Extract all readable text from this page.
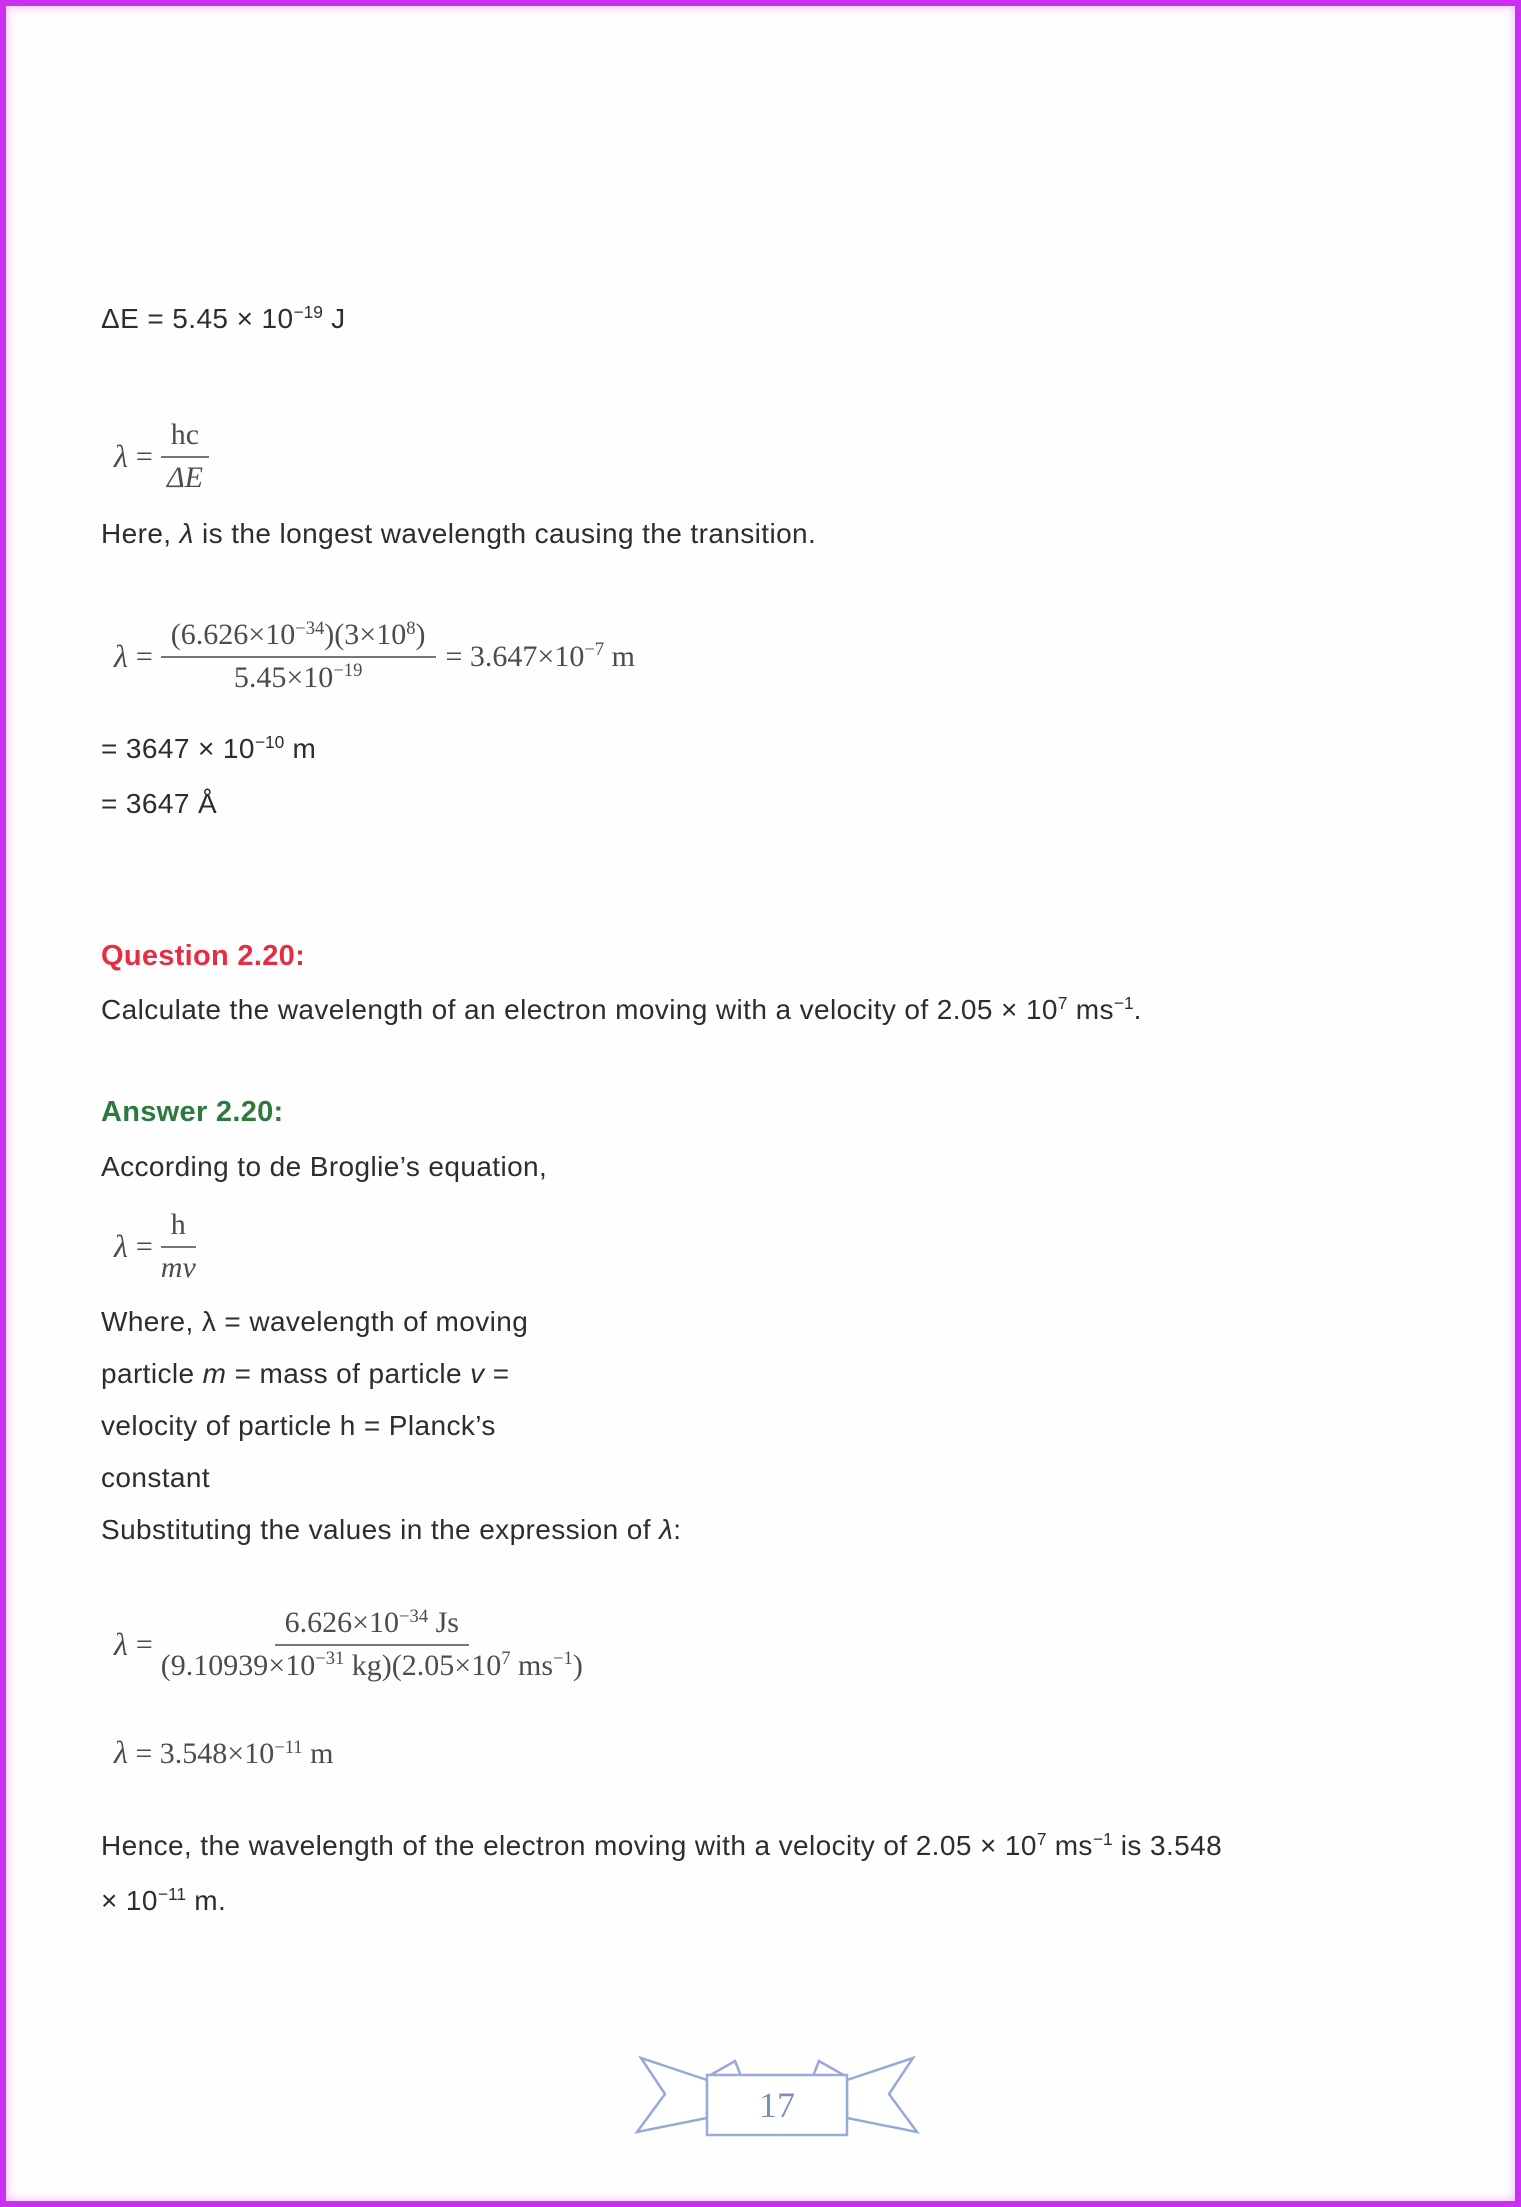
$\Delta E = 5.45 \times 10^{-19}$ J
$\lambda = \frac{hc}{\Delta E}$
Here, λ is the longest wavelength causing the transition.
$\lambda = \frac{(6.626\times 10^{-34})(3\times 10^8)}{5.45\times 10^{-19}} = 3.647\times 10^{-7}$ m
= $3647 \times 10^{-10}$ m
= 3647 Å
Question 2.20:
Calculate the wavelength of an electron moving with a velocity of $2.05 \times 10^7$ $ms^{-1}$.
Answer 2.20:
According to de Broglie’s equation,
$\lambda = \frac{h}{mv}$
Where, λ = wavelength of moving
particle m = mass of particle v =
velocity of particle h = Planck’s
constant
Substituting the values in the expression of λ:
$\lambda = \frac{6.626\times 10^{-34} Js}{(9.10939\times 10^{-31} kg)(2.05\times 10^7 ms^{-1})}$
$\lambda = 3.548\times 10^{-11}$ m
Hence, the wavelength of the electron moving with a velocity of $2.05 \times 10^7$ $ms^{-1}$ is 3.548
× $10^{-11}$ m.
17
